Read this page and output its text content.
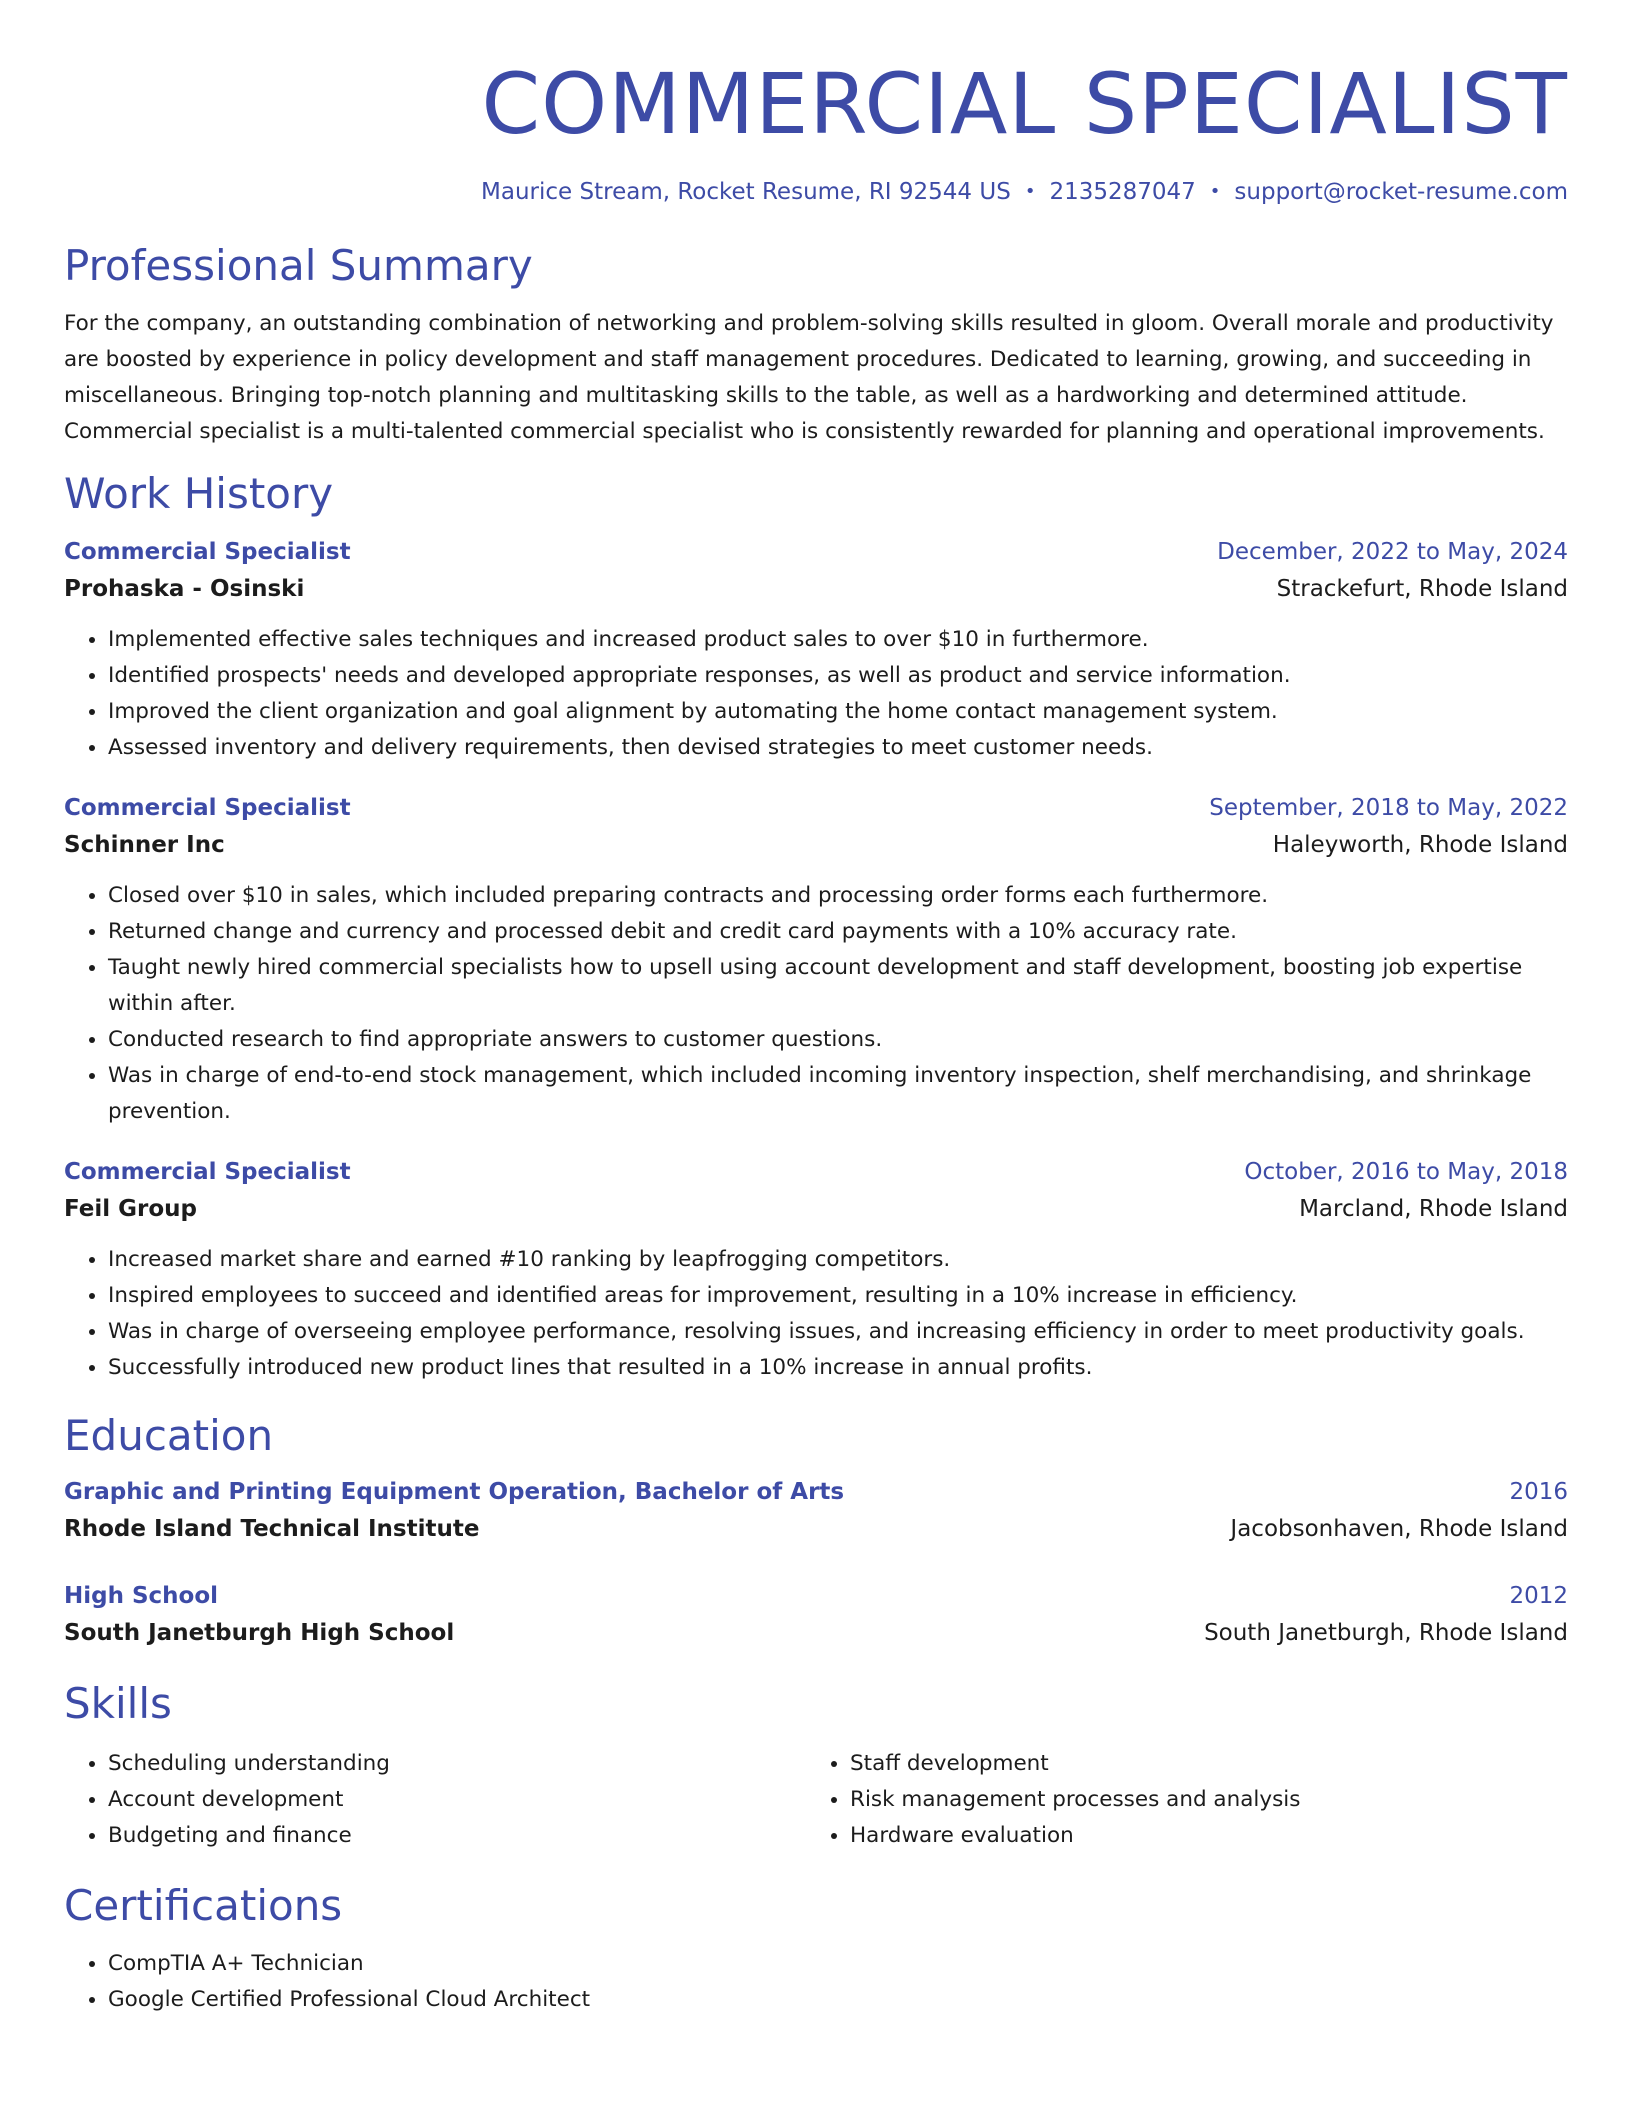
COMMERCIAL SPECIALIST
Maurice Stream, Rocket Resume, RI 92544 US • 2135287047 • support@rocket-resume.com
Professional Summary

For the company, an outstanding combination of networking and problem-solving skills resulted in gloom. Overall morale and productivity are boosted by experience in policy development and staff management procedures. Dedicated to learning, growing, and succeeding in miscellaneous. Bringing top-notch planning and multitasking skills to the table, as well as a hardworking and determined attitude. Commercial specialist is a multi-talented commercial specialist who is consistently rewarded for planning and operational improvements.

Work History
Commercial Specialist	December, 2022 to May, 2024
Prohaska - Osinski	Strackefurt, Rhode Island
• Implemented effective sales techniques and increased product sales to over $10 in furthermore.
• Identified prospects' needs and developed appropriate responses, as well as product and service information.
• Improved the client organization and goal alignment by automating the home contact management system.
• Assessed inventory and delivery requirements, then devised strategies to meet customer needs.
Commercial Specialist	September, 2018 to May, 2022
Schinner Inc	Haleyworth, Rhode Island
• Closed over $10 in sales, which included preparing contracts and processing order forms each furthermore.
• Returned change and currency and processed debit and credit card payments with a 10% accuracy rate.
• Taught newly hired commercial specialists how to upsell using account development and staff development, boosting job expertise within after.
• Conducted research to find appropriate answers to customer questions.
• Was in charge of end-to-end stock management, which included incoming inventory inspection, shelf merchandising, and shrinkage prevention.
Commercial Specialist	October, 2016 to May, 2018
Feil Group	Marcland, Rhode Island
• Increased market share and earned #10 ranking by leapfrogging competitors.
• Inspired employees to succeed and identified areas for improvement, resulting in a 10% increase in efficiency.
• Was in charge of overseeing employee performance, resolving issues, and increasing efficiency in order to meet productivity goals.
• Successfully introduced new product lines that resulted in a 10% increase in annual profits.
Education
Graphic and Printing Equipment Operation, Bachelor of Arts	2016
Rhode Island Technical Institute	Jacobsonhaven, Rhode Island
High School	2012
South Janetburgh High School	South Janetburgh, Rhode Island
Skills
• Scheduling understanding
• Account development
• Budgeting and finance
• Staff development
• Risk management processes and analysis
• Hardware evaluation
Certifications
• CompTIA A+ Technician
• Google Certified Professional Cloud Architect
